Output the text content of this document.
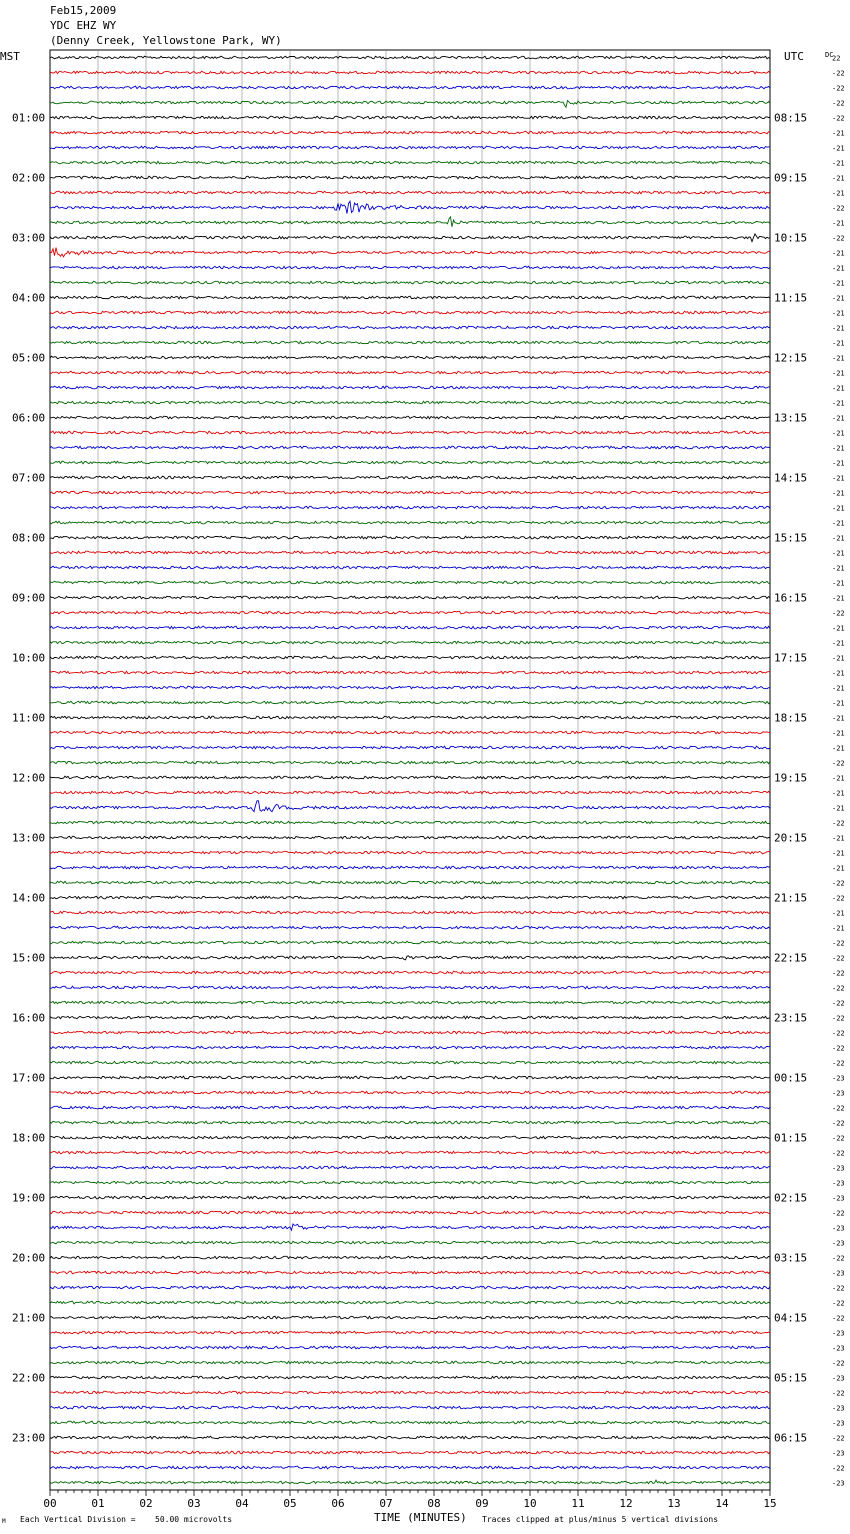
Feb15,2009
YDC EHZ WY
(Denny Creek, Yellowstone Park, WY)
MST	UTC	DC
22
-22
-22
-22
-22
-21
-21
-21
-21
-21
-22
-21
-22
-21
-21
-21
-21
-21
-21
-21
-21
-21
-21
-21
-21
-21
-21
-21
-21
-21
-21
-21
-21
-21
-21
-21
-21
-22
-21
-21
-21
-21
-21
-21
-21
-21
-21
-22
-21
-21
-21
-22
-21
-21
-21
-22
-22
-21
-21
-22
-22
-22
-22
-22
-22
-22
-22
-22
-23
-23
-22
-22
-22
-22
-23
-23
-23
-22
-23
-23
-22
-23
-22
-22
-22
-23
-23
-22
-23
-22
-23
-23
-22
-23
-22
-23
01:00
02:00
03:00
04:00
05:00
06:00
07:00
08:00
09:00
10:00
11:00
12:00
13:00
14:00
15:00
16:00
17:00
18:00
19:00
20:00
21:00
22:00
23:00
08:15
09:15
10:15
11:15
12:15
13:15
14:15
15:15
16:15
17:15
18:15
19:15
20:15
21:15
22:15
23:15
00:15
01:15
02:15
03:15
04:15
05:15
06:15
00	01	02	03	04	05	06	07	08	09	10	11	12	13	14	15
M Each Vertical Division = 50.00 microvolts	TIME (MINUTES) Traces clipped at plus/minus 5 vertical divisions
